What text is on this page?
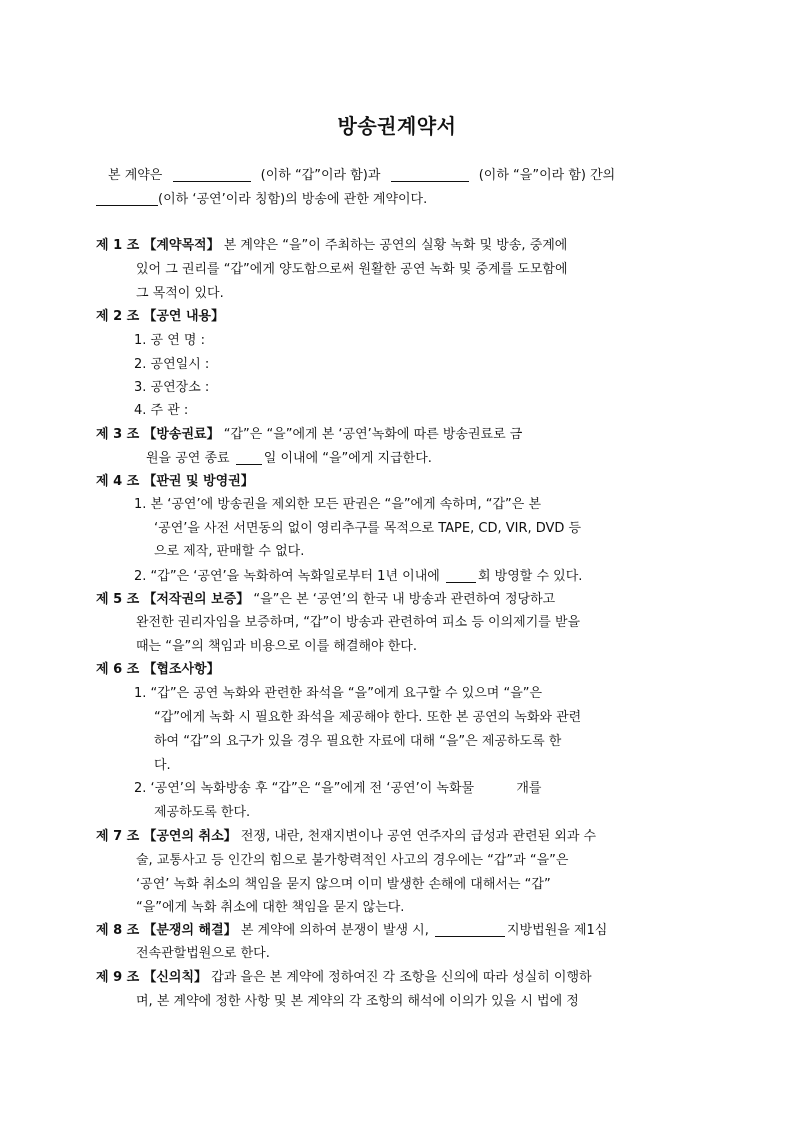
방송권계약서
본 계약은	(이하 “갑”이라 함)과	(이하 “을”이라 함) 간의
(이하 ‘공연’이라 칭함)의 방송에 관한 계약이다.
제 1 조 【계약목적】 본 계약은 “을”이 주최하는 공연의 실황 녹화 및 방송, 중계에
있어 그 권리를 “갑”에게 양도함으로써 원활한 공연 녹화 및 중계를 도모함에
그 목적이 있다.
제 2 조 【공연 내용】
1. 공 연 명 :
2. 공연일시 :
3. 공연장소 :
4. 주 관 :
제 3 조 【방송권료】 “갑”은 “을”에게 본 ‘공연’녹화에 따른 방송권료로 금
원을 공연 종료	일 이내에 “을”에게 지급한다.
제 4 조 【판권 및 방영권】
1. 본 ‘공연’에 방송권을 제외한 모든 판권은 “을”에게 속하며, “갑”은 본
‘공연’을 사전 서면동의 없이 영리추구를 목적으로 TAPE, CD, VIR, DVD 등
으로 제작, 판매할 수 없다.
2. “갑”은 ‘공연’을 녹화하여 녹화일로부터 1년 이내에	회 방영할 수 있다.
제 5 조 【저작권의 보증】 “을”은 본 ‘공연’의 한국 내 방송과 관련하여 정당하고
완전한 권리자임을 보증하며, “갑”이 방송과 관련하여 피소 등 이의제기를 받을
때는 “을”의 책임과 비용으로 이를 해결해야 한다.
제 6 조 【협조사항】
1. “갑”은 공연 녹화와 관련한 좌석을 “을”에게 요구할 수 있으며 “을”은
“갑”에게 녹화 시 필요한 좌석을 제공해야 한다. 또한 본 공연의 녹화와 관련
하여 “갑”의 요구가 있을 경우 필요한 자료에 대해 “을”은 제공하도록 한
다.
2. ‘공연’의 녹화방송 후 “갑”은 “을”에게 전 ‘공연’이 녹화물	개를
제공하도록 한다.
제 7 조 【공연의 취소】 전쟁, 내란, 천재지변이나 공연 연주자의 급성과 관련된 외과 수
술, 교통사고 등 인간의 힘으로 불가항력적인 사고의 경우에는 “갑”과 “을”은
‘공연’ 녹화 취소의 책임을 묻지 않으며 이미 발생한 손해에 대해서는 “갑”
“을”에게 녹화 취소에 대한 책임을 묻지 않는다.
제 8 조 【분쟁의 해결】 본 계약에 의하여 분쟁이 발생 시,	지방법원을 제1심
전속관할법원으로 한다.
제 9 조 【신의칙】 갑과 을은 본 계약에 정하여진 각 조항을 신의에 따라 성실히 이행하
며, 본 계약에 정한 사항 및 본 계약의 각 조항의 해석에 이의가 있을 시 법에 정
